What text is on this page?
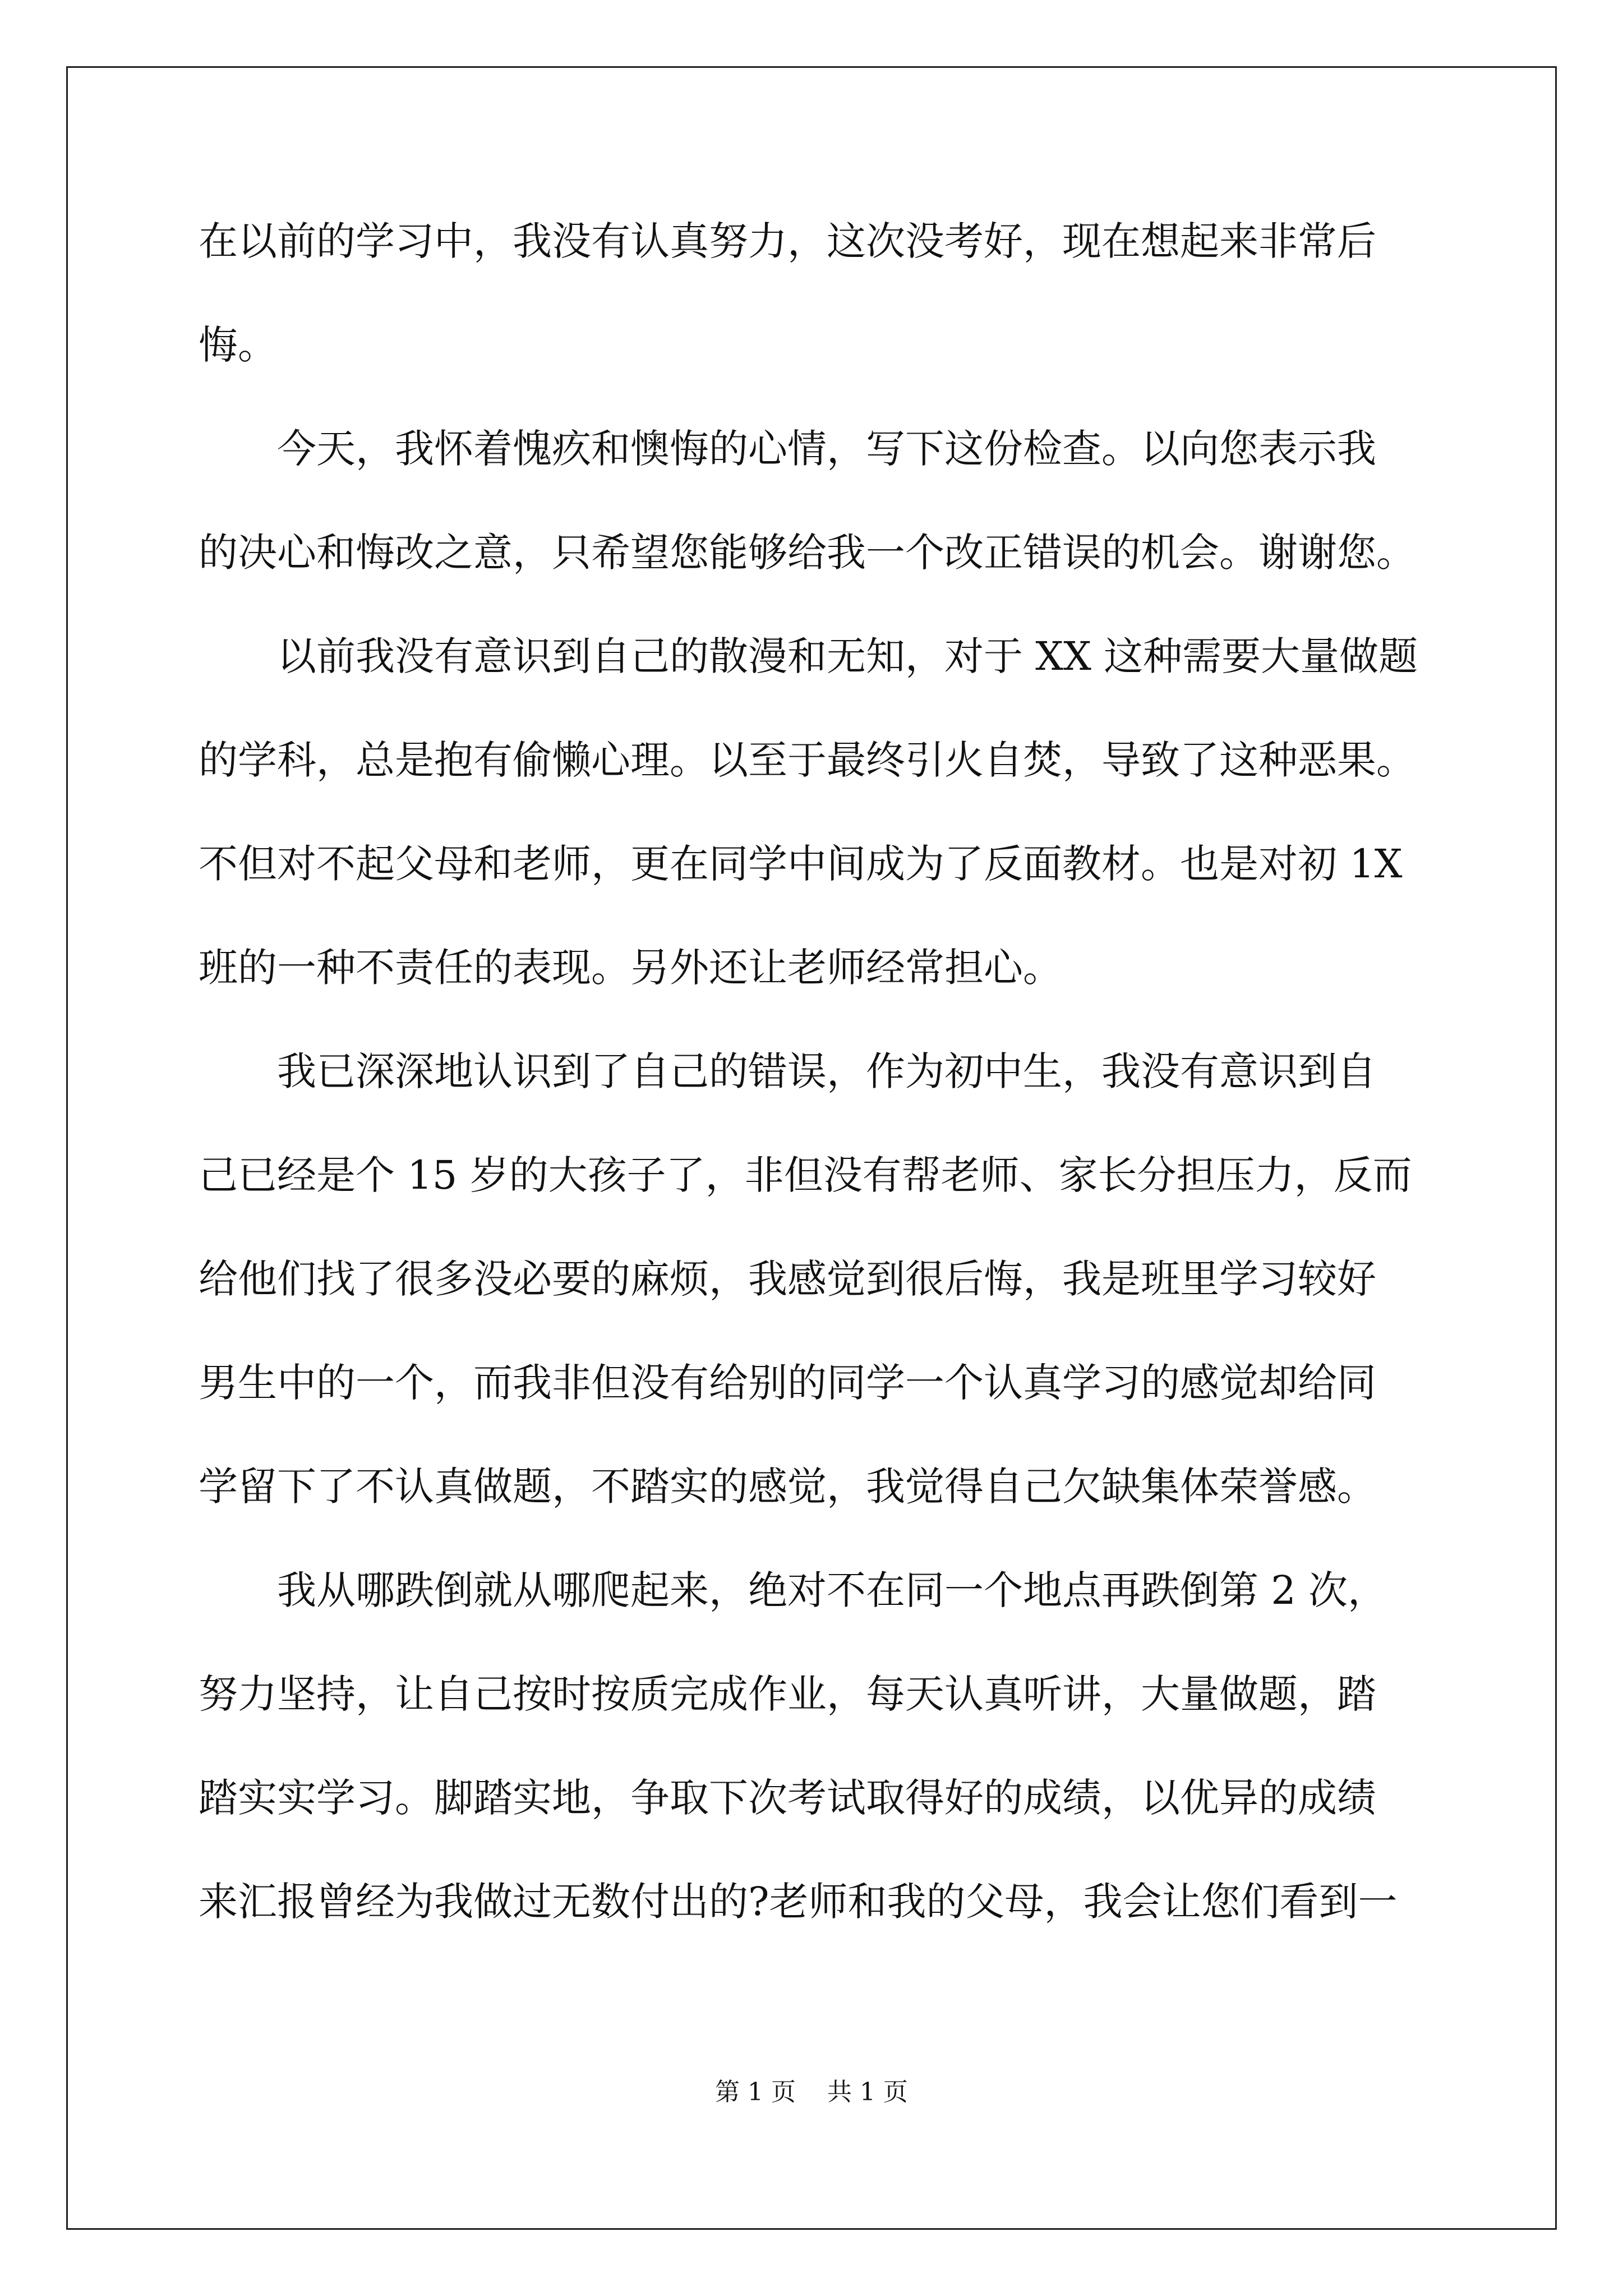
在以前的学习中，我没有认真努力，这次没考好，现在想起来非常后
悔。
　　今天，我怀着愧疚和懊悔的心情，写下这份检查。以向您表示我
的决心和悔改之意，只希望您能够给我一个改正错误的机会。谢谢您。
　　以前我没有意识到自己的散漫和无知，对于 XX 这种需要大量做题
的学科，总是抱有偷懒心理。以至于最终引火自焚，导致了这种恶果。
不但对不起父母和老师，更在同学中间成为了反面教材。也是对初 1X
班的一种不责任的表现。另外还让老师经常担心。
　　我已深深地认识到了自己的错误，作为初中生，我没有意识到自
己已经是个 15 岁的大孩子了，非但没有帮老师、家长分担压力，反而
给他们找了很多没必要的麻烦，我感觉到很后悔，我是班里学习较好
男生中的一个，而我非但没有给别的同学一个认真学习的感觉却给同
学留下了不认真做题，不踏实的感觉，我觉得自己欠缺集体荣誉感。
　　我从哪跌倒就从哪爬起来，绝对不在同一个地点再跌倒第 2 次，
努力坚持，让自己按时按质完成作业，每天认真听讲，大量做题，踏
踏实实学习。脚踏实地，争取下次考试取得好的成绩，以优异的成绩
来汇报曾经为我做过无数付出的?老师和我的父母，我会让您们看到一
第 1 页 共 1 页
